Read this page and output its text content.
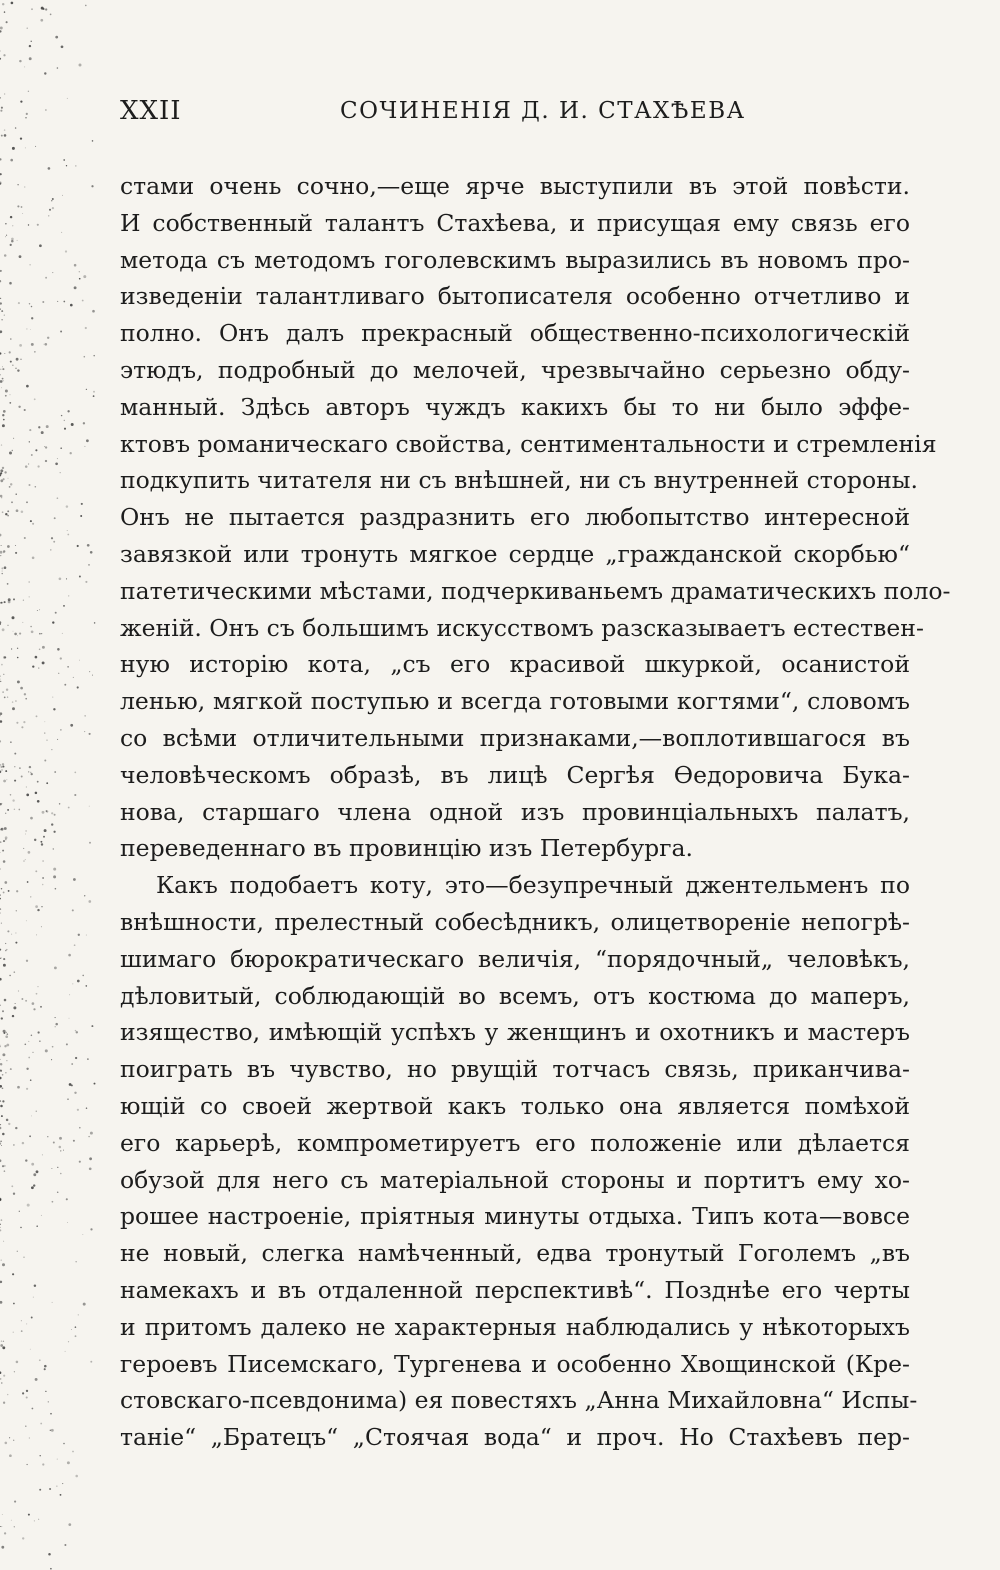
XXII	СОЧИНЕНІЯ Д. И. СТАХѢЕВА
стами очень сочно,—еще ярче выступили въ этой повѣсти.
И собственный талантъ Стахѣева, и присущая ему связь его
метода съ методомъ гоголевскимъ выразились въ новомъ про-
изведеніи талантливаго бытописателя особенно отчетливо и
полно. Онъ далъ прекрасный общественно-психологическій
этюдъ, подробный до мелочей, чрезвычайно серьезно обду-
манный. Здѣсь авторъ чуждъ какихъ бы то ни было эффе-
ктовъ романическаго свойства, сентиментальности и стремленія
подкупить читателя ни съ внѣшней, ни съ внутренней стороны.
Онъ не пытается раздразнить его любопытство интересной
завязкой или тронуть мягкое сердце „гражданской скорбью“
патетическими мѣстами, подчеркиваньемъ драматическихъ поло-
женій. Онъ съ большимъ искусствомъ разсказываетъ естествен-
ную исторію кота, „съ его красивой шкуркой, осанистой
ленью, мягкой поступью и всегда готовыми когтями“, словомъ
со всѣми отличительными признаками,—воплотившагося въ
человѣческомъ образѣ, въ лицѣ Сергѣя Ѳедоровича Бука-
нова, старшаго члена одной изъ провинціальныхъ палатъ,
переведеннаго въ провинцію изъ Петербурга.
Какъ подобаетъ коту, это—безупречный джентельменъ по
внѣшности, прелестный собесѣдникъ, олицетвореніе непогрѣ-
шимаго бюрократическаго величія, “порядочный„ человѣкъ,
дѣловитый, соблюдающій во всемъ, отъ костюма до маперъ,
изящество, имѣющій успѣхъ у женщинъ и охотникъ и мастеръ
поиграть въ чувство, но рвущій тотчасъ связь, приканчива-
ющій со своей жертвой какъ только она является помѣхой
его карьерѣ, компрометируетъ его положеніе или дѣлается
обузой для него съ матеріальной стороны и портитъ ему хо-
рошее настроеніе, пріятныя минуты отдыха. Типъ кота—вовсе
не новый, слегка намѣченный, едва тронутый Гоголемъ „въ
намекахъ и въ отдаленной перспективѣ“. Позднѣе его черты
и притомъ далеко не характерныя наблюдались у нѣкоторыхъ
героевъ Писемскаго, Тургенева и особенно Хвощинской (Кре-
стовскаго-псевдонима) ея повестяхъ „Анна Михайловна“ Испы-
таніе“ „Братецъ“ „Стоячая вода“ и проч. Но Стахѣевъ пер-
